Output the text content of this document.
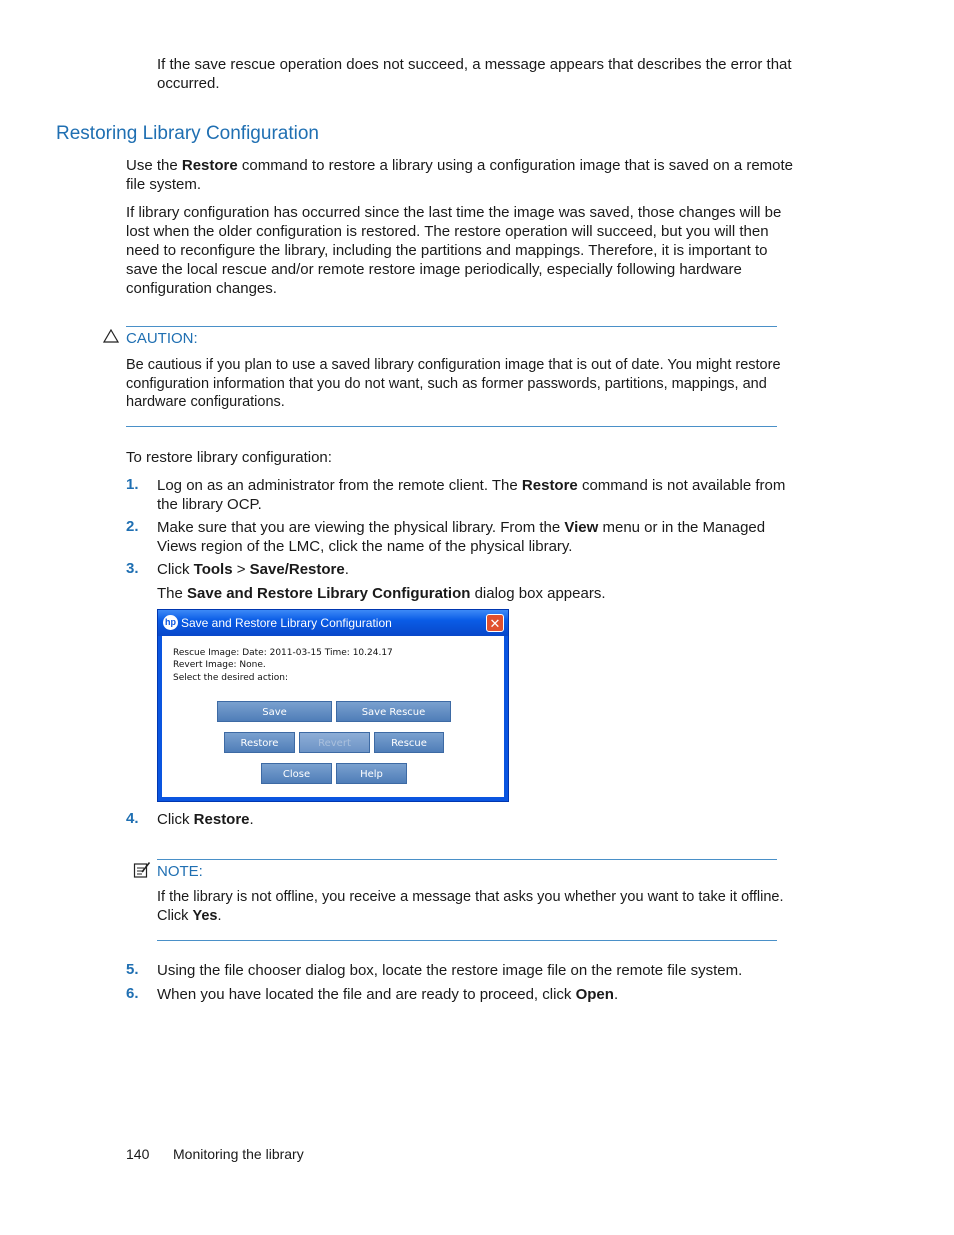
If the save rescue operation does not succeed, a message appears that describes the error that occurred.

Restoring Library Configuration

Use the Restore command to restore a library using a configuration image that is saved on a remote file system.

If library configuration has occurred since the last time the image was saved, those changes will be lost when the older configuration is restored. The restore operation will succeed, but you will then need to reconfigure the library, including the partitions and mappings. Therefore, it is important to save the local rescue and/or remote restore image periodically, especially following hardware configuration changes.

CAUTION:

Be cautious if you plan to use a saved library configuration image that is out of date. You might restore configuration information that you do not want, such as former passwords, partitions, mappings, and hardware configurations.

To restore library configuration:

1. Log on as an administrator from the remote client. The Restore command is not available from the library OCP.

2. Make sure that you are viewing the physical library. From the View menu or in the Managed Views region of the LMC, click the name of the physical library.

3. Click Tools > Save/Restore.

The Save and Restore Library Configuration dialog box appears.

hp Save and Restore Library Configuration	✕
Rescue Image: Date: 2011-03-15 Time: 10.24.17
Revert Image: None.
Select the desired action:
Save	Save Rescue
Restore	Revert	Rescue
Close	Help
4. Click Restore.

NOTE:

If the library is not offline, you receive a message that asks you whether you want to take it offline. Click Yes.

5. Using the file chooser dialog box, locate the restore image file on the remote file system.

6. When you have located the file and are ready to proceed, click Open.

140 Monitoring the library
